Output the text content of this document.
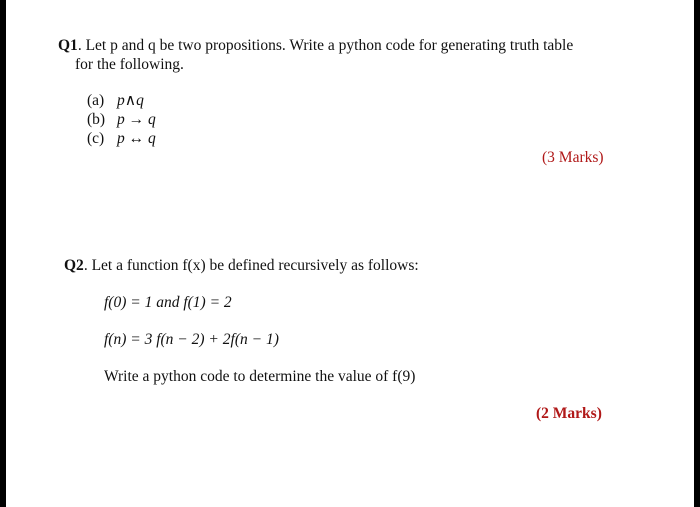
Q1. Let p and q be two propositions. Write a python code for generating truth table
for the following.
(a) p∧q
(b) p → q
(c) p ↔ q
(3 Marks)
Q2. Let a function f(x) be defined recursively as follows:
f(0) = 1 and f(1) = 2
f(n) = 3 f(n − 2) + 2f(n − 1)
Write a python code to determine the value of f(9)
(2 Marks)
